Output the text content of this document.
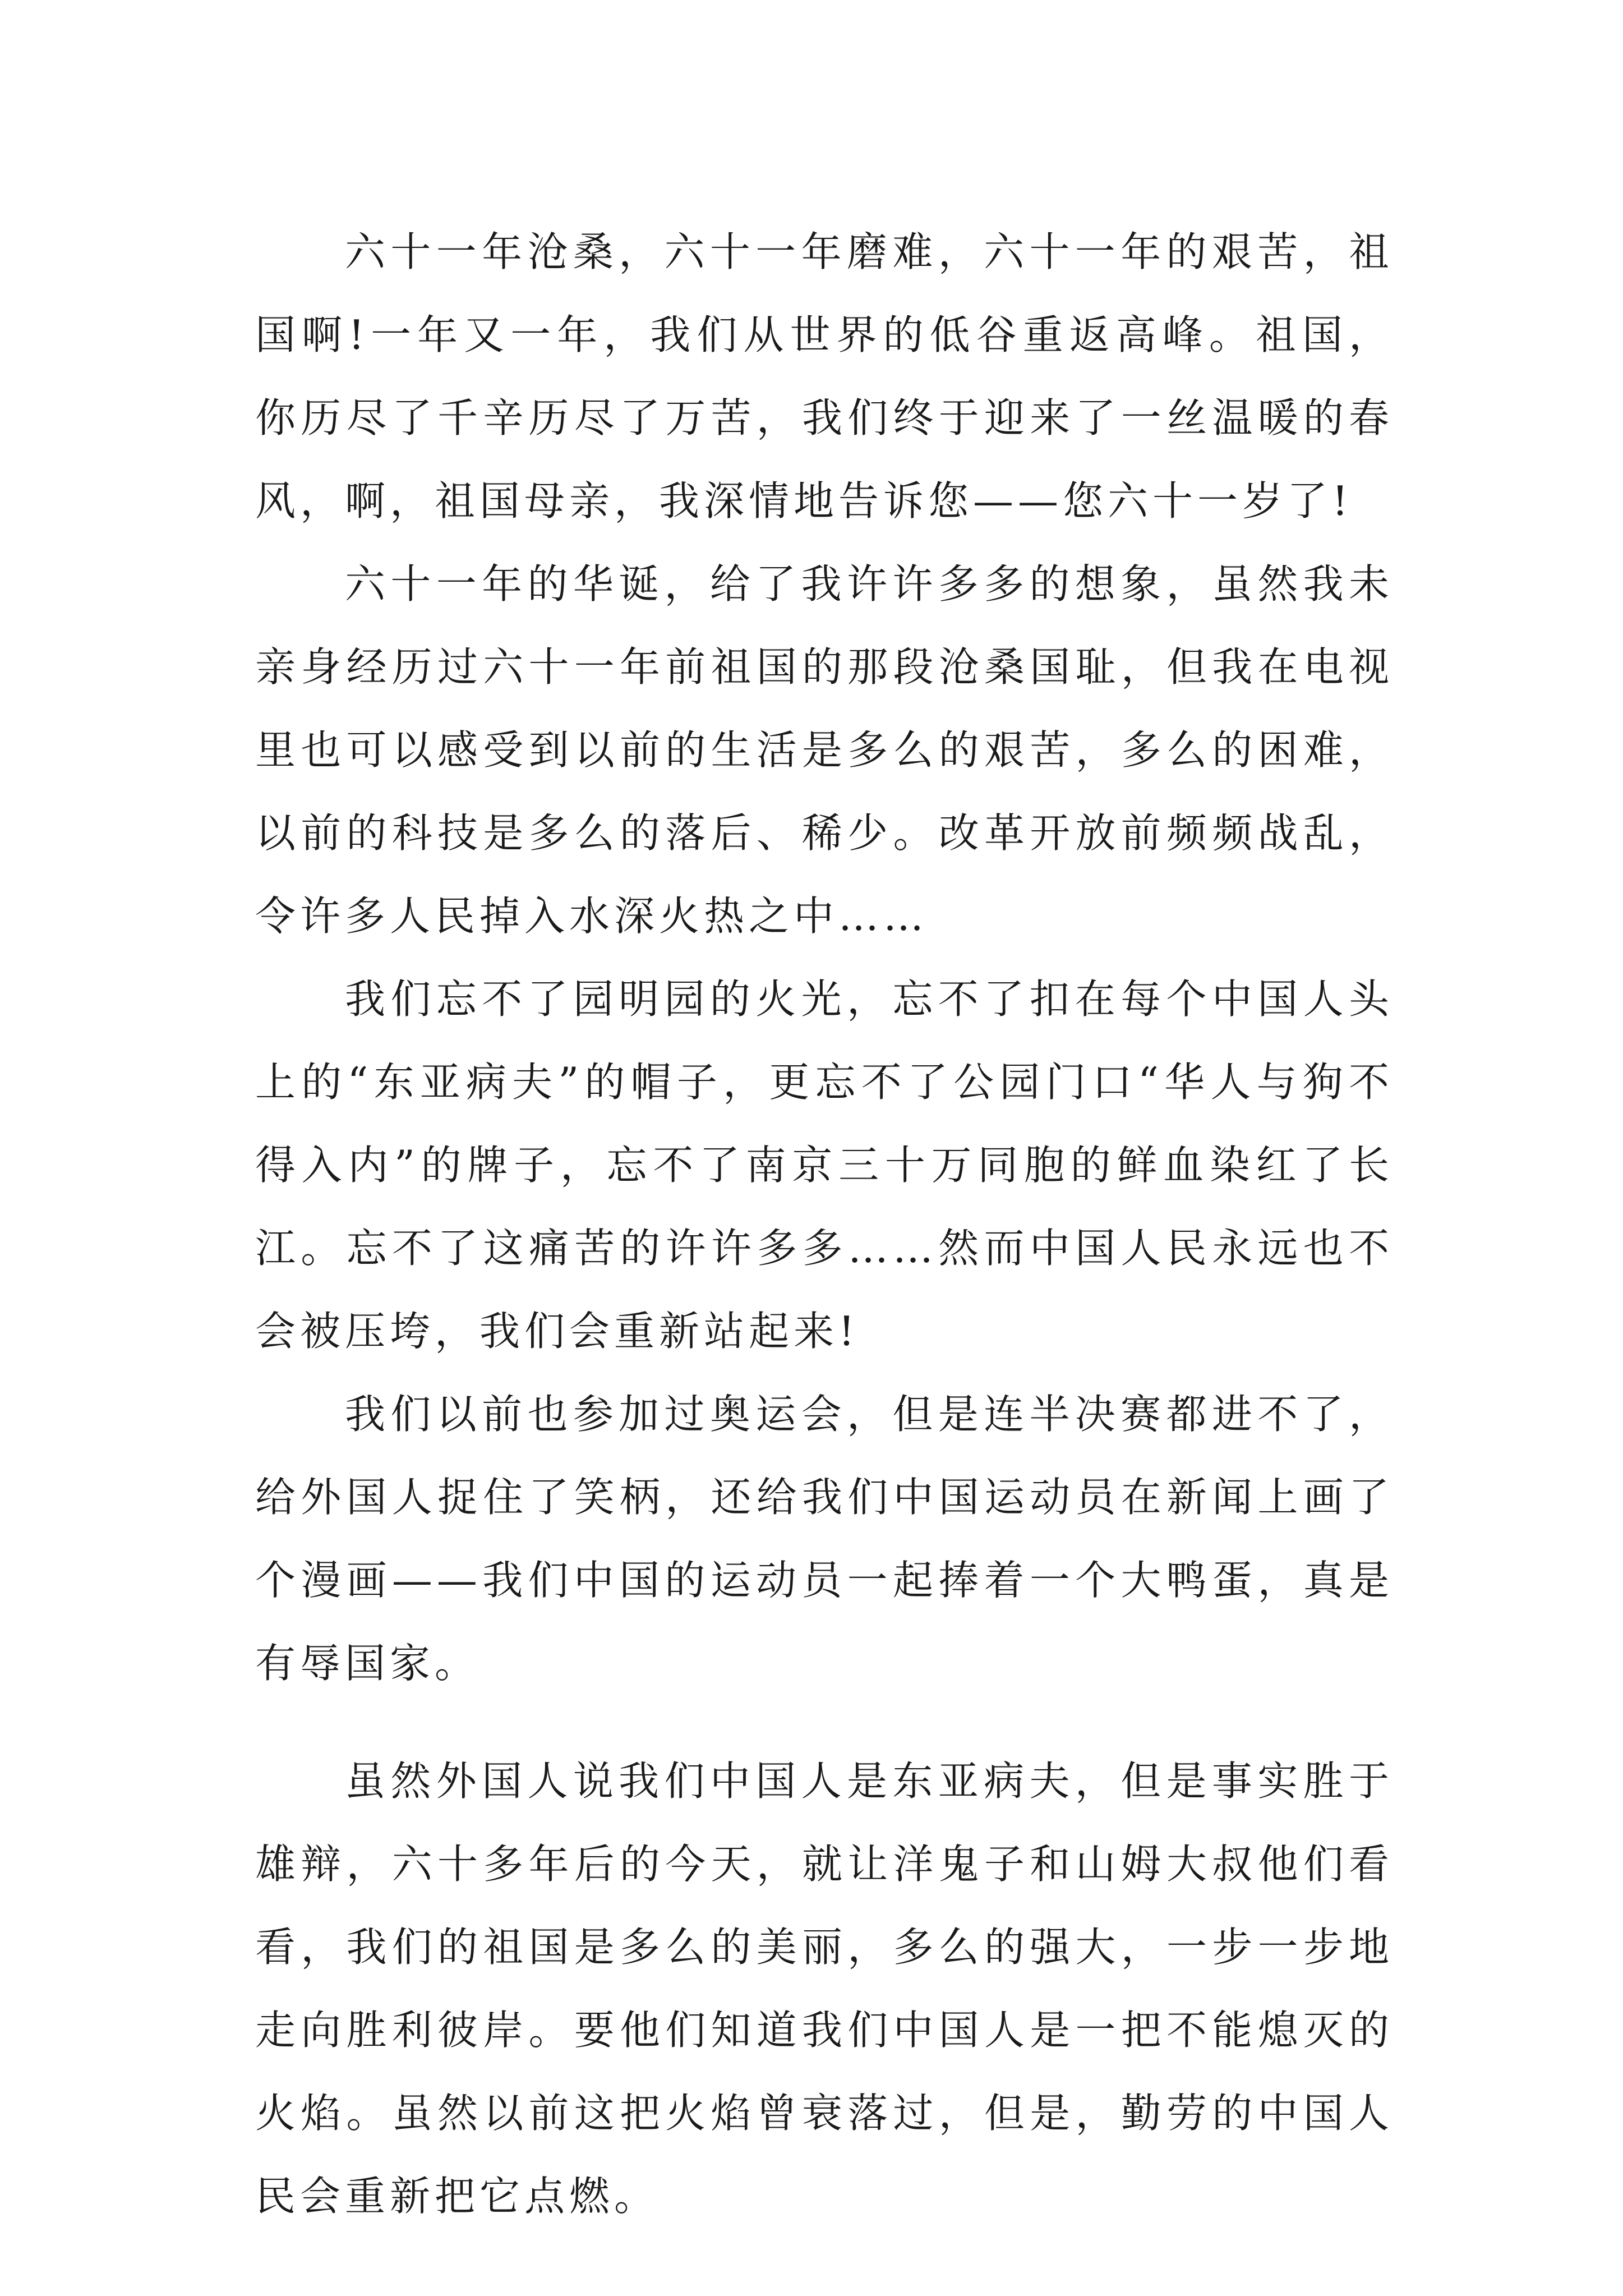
六十一年沧桑，六十一年磨难，六十一年的艰苦，祖国啊!一年又一年，我们从世界的低谷重返高峰。祖国，你历尽了千辛历尽了万苦，我们终于迎来了一丝温暖的春风，啊，祖国母亲，我深情地告诉您——您六十一岁了!

六十一年的华诞，给了我许许多多的想象，虽然我未亲身经历过六十一年前祖国的那段沧桑国耻，但我在电视里也可以感受到以前的生活是多么的艰苦，多么的困难，以前的科技是多么的落后、稀少。改革开放前频频战乱，令许多人民掉入水深火热之中……

我们忘不了园明园的火光，忘不了扣在每个中国人头上的“东亚病夫”的帽子，更忘不了公园门口“华人与狗不得入内”的牌子，忘不了南京三十万同胞的鲜血染红了长江。忘不了这痛苦的许许多多……然而中国人民永远也不会被压垮，我们会重新站起来!

我们以前也参加过奥运会，但是连半决赛都进不了，给外国人捉住了笑柄，还给我们中国运动员在新闻上画了个漫画——我们中国的运动员一起捧着一个大鸭蛋，真是有辱国家。

虽然外国人说我们中国人是东亚病夫，但是事实胜于雄辩，六十多年后的今天，就让洋鬼子和山姆大叔他们看看，我们的祖国是多么的美丽，多么的强大，一步一步地走向胜利彼岸。要他们知道我们中国人是一把不能熄灭的火焰。虽然以前这把火焰曾衰落过，但是，勤劳的中国人民会重新把它点燃。
